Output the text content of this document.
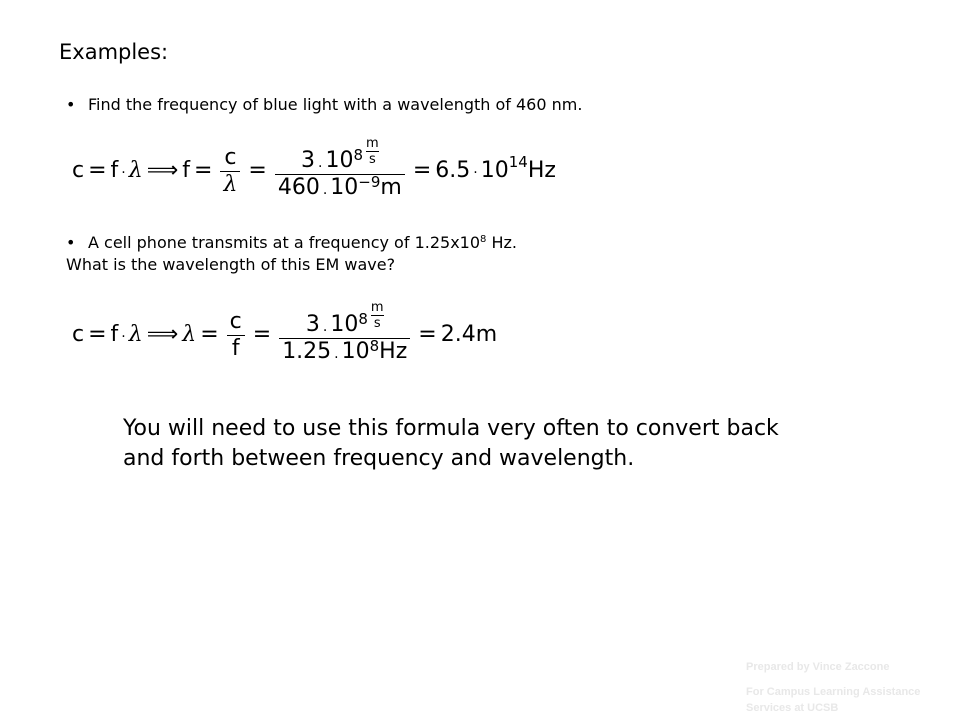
Examples:
• Find the frequency of blue light with a wavelength of 460 nm.
c = f · λ ⟹ $f = \frac{c}{\lambda} = 3 \cdot 10$ $8 \frac{m}{s}$
460 · 10 −9 m
= 6.5 · 10 14 Hz
• A cell phone transmits at a frequency of $1.25x10^8$ Hz.
What is the wavelength of this EM wave?
c = f · λ ⟹ $\lambda = \frac{c}{f} = 3 \cdot 10$ $8 \frac{m}{s}$
1.25 · 10 8 Hz
= 2.4m
You will need to use this formula very often to convert back and forth between frequency and wavelength.
Prepared by Vince Zaccone
For Campus Learning Assistance Services at UCSB
